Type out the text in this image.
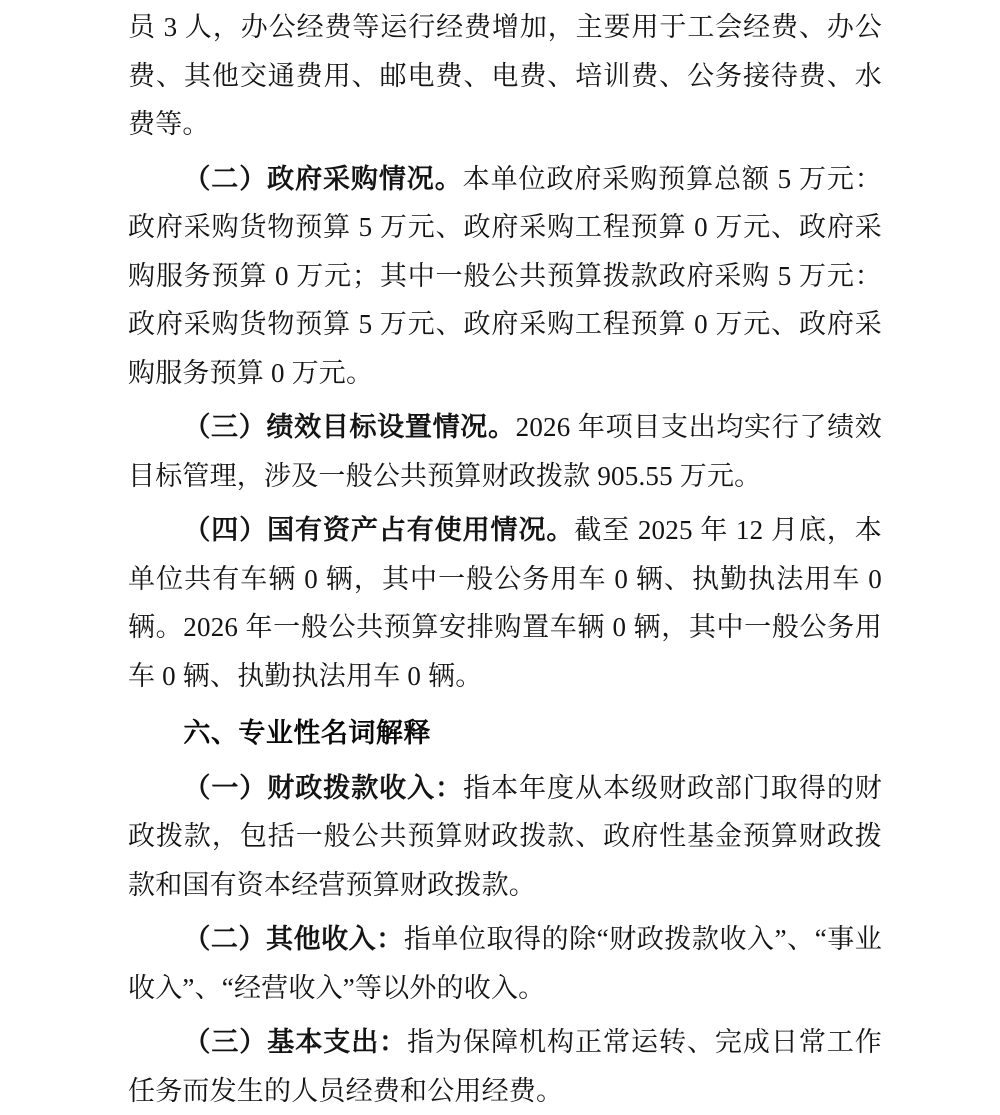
员 3 人，办公经费等运行经费增加，主要用于工会经费、办公费、其他交通费用、邮电费、电费、培训费、公务接待费、水费等。

（二）政府采购情况。本单位政府采购预算总额 5 万元：政府采购货物预算 5 万元、政府采购工程预算 0 万元、政府采购服务预算 0 万元；其中一般公共预算拨款政府采购 5 万元：政府采购货物预算 5 万元、政府采购工程预算 0 万元、政府采购服务预算 0 万元。

（三）绩效目标设置情况。2026 年项目支出均实行了绩效目标管理，涉及一般公共预算财政拨款 905.55 万元。

（四）国有资产占有使用情况。截至 2025 年 12 月底，本单位共有车辆 0 辆，其中一般公务用车 0 辆、执勤执法用车 0 辆。2026 年一般公共预算安排购置车辆 0 辆，其中一般公务用车 0 辆、执勤执法用车 0 辆。

六、专业性名词解释

（一）财政拨款收入：指本年度从本级财政部门取得的财政拨款，包括一般公共预算财政拨款、政府性基金预算财政拨款和国有资本经营预算财政拨款。

（二）其他收入：指单位取得的除“财政拨款收入”、“事业收入”、“经营收入”等以外的收入。

（三）基本支出：指为保障机构正常运转、完成日常工作任务而发生的人员经费和公用经费。
